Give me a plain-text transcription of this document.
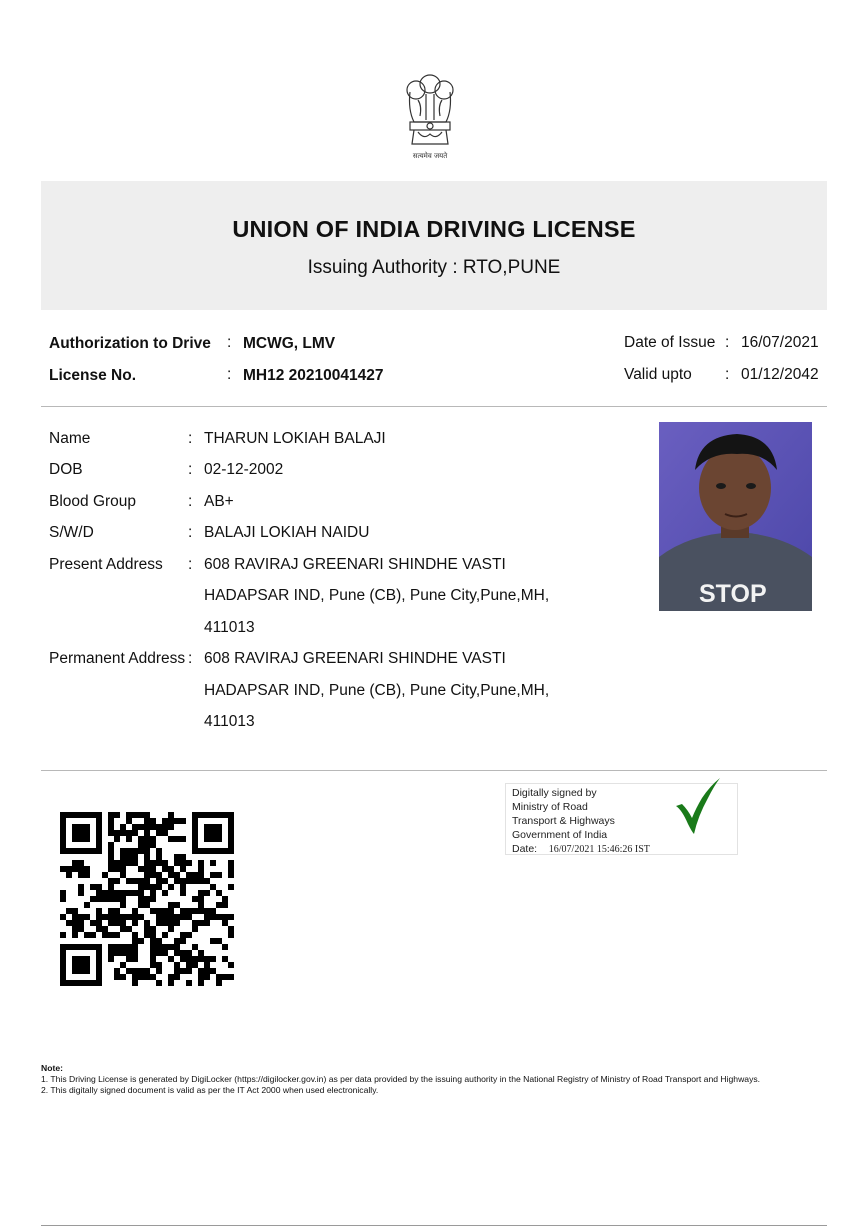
सत्यमेव जयते
UNION OF INDIA DRIVING LICENSE
Issuing Authority : RTO,PUNE
Authorization to Drive : MCWG, LMV
License No.	: MH12 20210041427
Date of Issue : 16/07/2021
Valid upto : 01/12/2042
Name	: THARUN LOKIAH BALAJI
DOB	: 02-12-2002
Blood Group	: AB+
S/W/D	: BALAJI LOKIAH NAIDU
Present Address : 608 RAVIRAJ GREENARI SHINDHE VASTI
HADAPSAR IND, Pune (CB), Pune City,Pune,MH,
411013
Permanent Address : 608 RAVIRAJ GREENARI SHINDHE VASTI
HADAPSAR IND, Pune (CB), Pune City,Pune,MH,
411013
STOP
Digitally signed by
Ministry of Road
Transport & Highways
Government of India
Date: 16/07/2021 15:46:26 IST
Note:
1. This Driving License is generated by DigiLocker (https://digilocker.gov.in) as per data provided by the issuing authority in the National Registry of Ministry of Road Transport and Highways.
2. This digitally signed document is valid as per the IT Act 2000 when used electronically.
